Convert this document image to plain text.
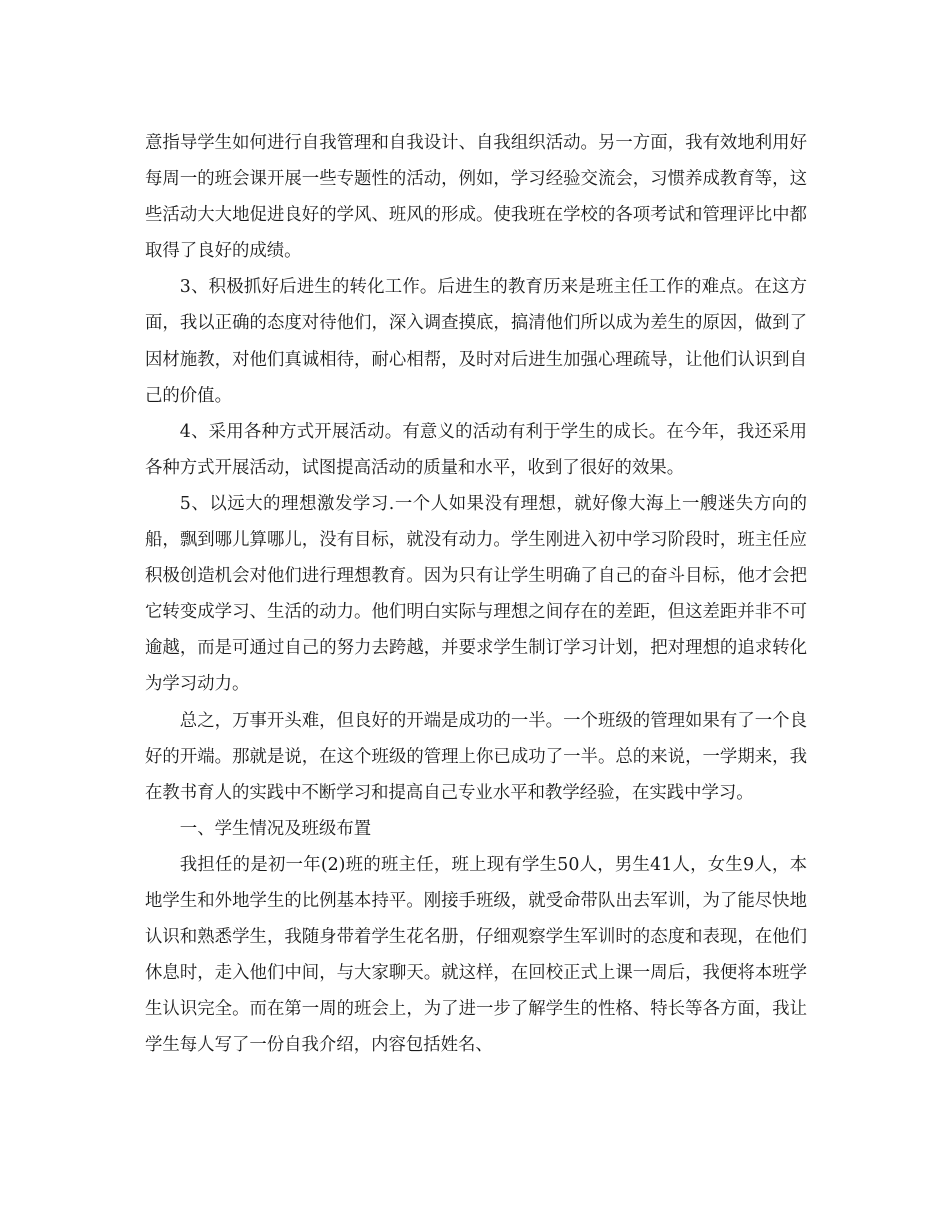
意指导学生如何进行自我管理和自我设计、自我组织活动。另一方面，我有效地利用好每周一的班会课开展一些专题性的活动，例如，学习经验交流会，习惯养成教育等，这些活动大大地促进良好的学风、班风的形成。使我班在学校的各项考试和管理评比中都取得了良好的成绩。

3、积极抓好后进生的转化工作。后进生的教育历来是班主任工作的难点。在这方面，我以正确的态度对待他们，深入调查摸底，搞清他们所以成为差生的原因，做到了因材施教，对他们真诚相待，耐心相帮，及时对后进生加强心理疏导，让他们认识到自己的价值。

4、采用各种方式开展活动。有意义的活动有利于学生的成长。在今年，我还采用各种方式开展活动，试图提高活动的质量和水平，收到了很好的效果。

5、以远大的理想激发学习.一个人如果没有理想，就好像大海上一艘迷失方向的船，飘到哪儿算哪儿，没有目标，就没有动力。学生刚进入初中学习阶段时，班主任应积极创造机会对他们进行理想教育。因为只有让学生明确了自己的奋斗目标，他才会把它转变成学习、生活的动力。他们明白实际与理想之间存在的差距，但这差距并非不可逾越，而是可通过自己的努力去跨越，并要求学生制订学习计划，把对理想的追求转化为学习动力。

总之，万事开头难，但良好的开端是成功的一半。一个班级的管理如果有了一个良好的开端。那就是说，在这个班级的管理上你已成功了一半。总的来说，一学期来，我在教书育人的实践中不断学习和提高自己专业水平和教学经验，在实践中学习。

一、学生情况及班级布置

我担任的是初一年(2)班的班主任，班上现有学生50人，男生41人，女生9人，本地学生和外地学生的比例基本持平。刚接手班级，就受命带队出去军训，为了能尽快地认识和熟悉学生，我随身带着学生花名册，仔细观察学生军训时的态度和表现，在他们休息时，走入他们中间，与大家聊天。就这样，在回校正式上课一周后，我便将本班学生认识完全。而在第一周的班会上，为了进一步了解学生的性格、特长等各方面，我让学生每人写了一份自我介绍，内容包括姓名、
